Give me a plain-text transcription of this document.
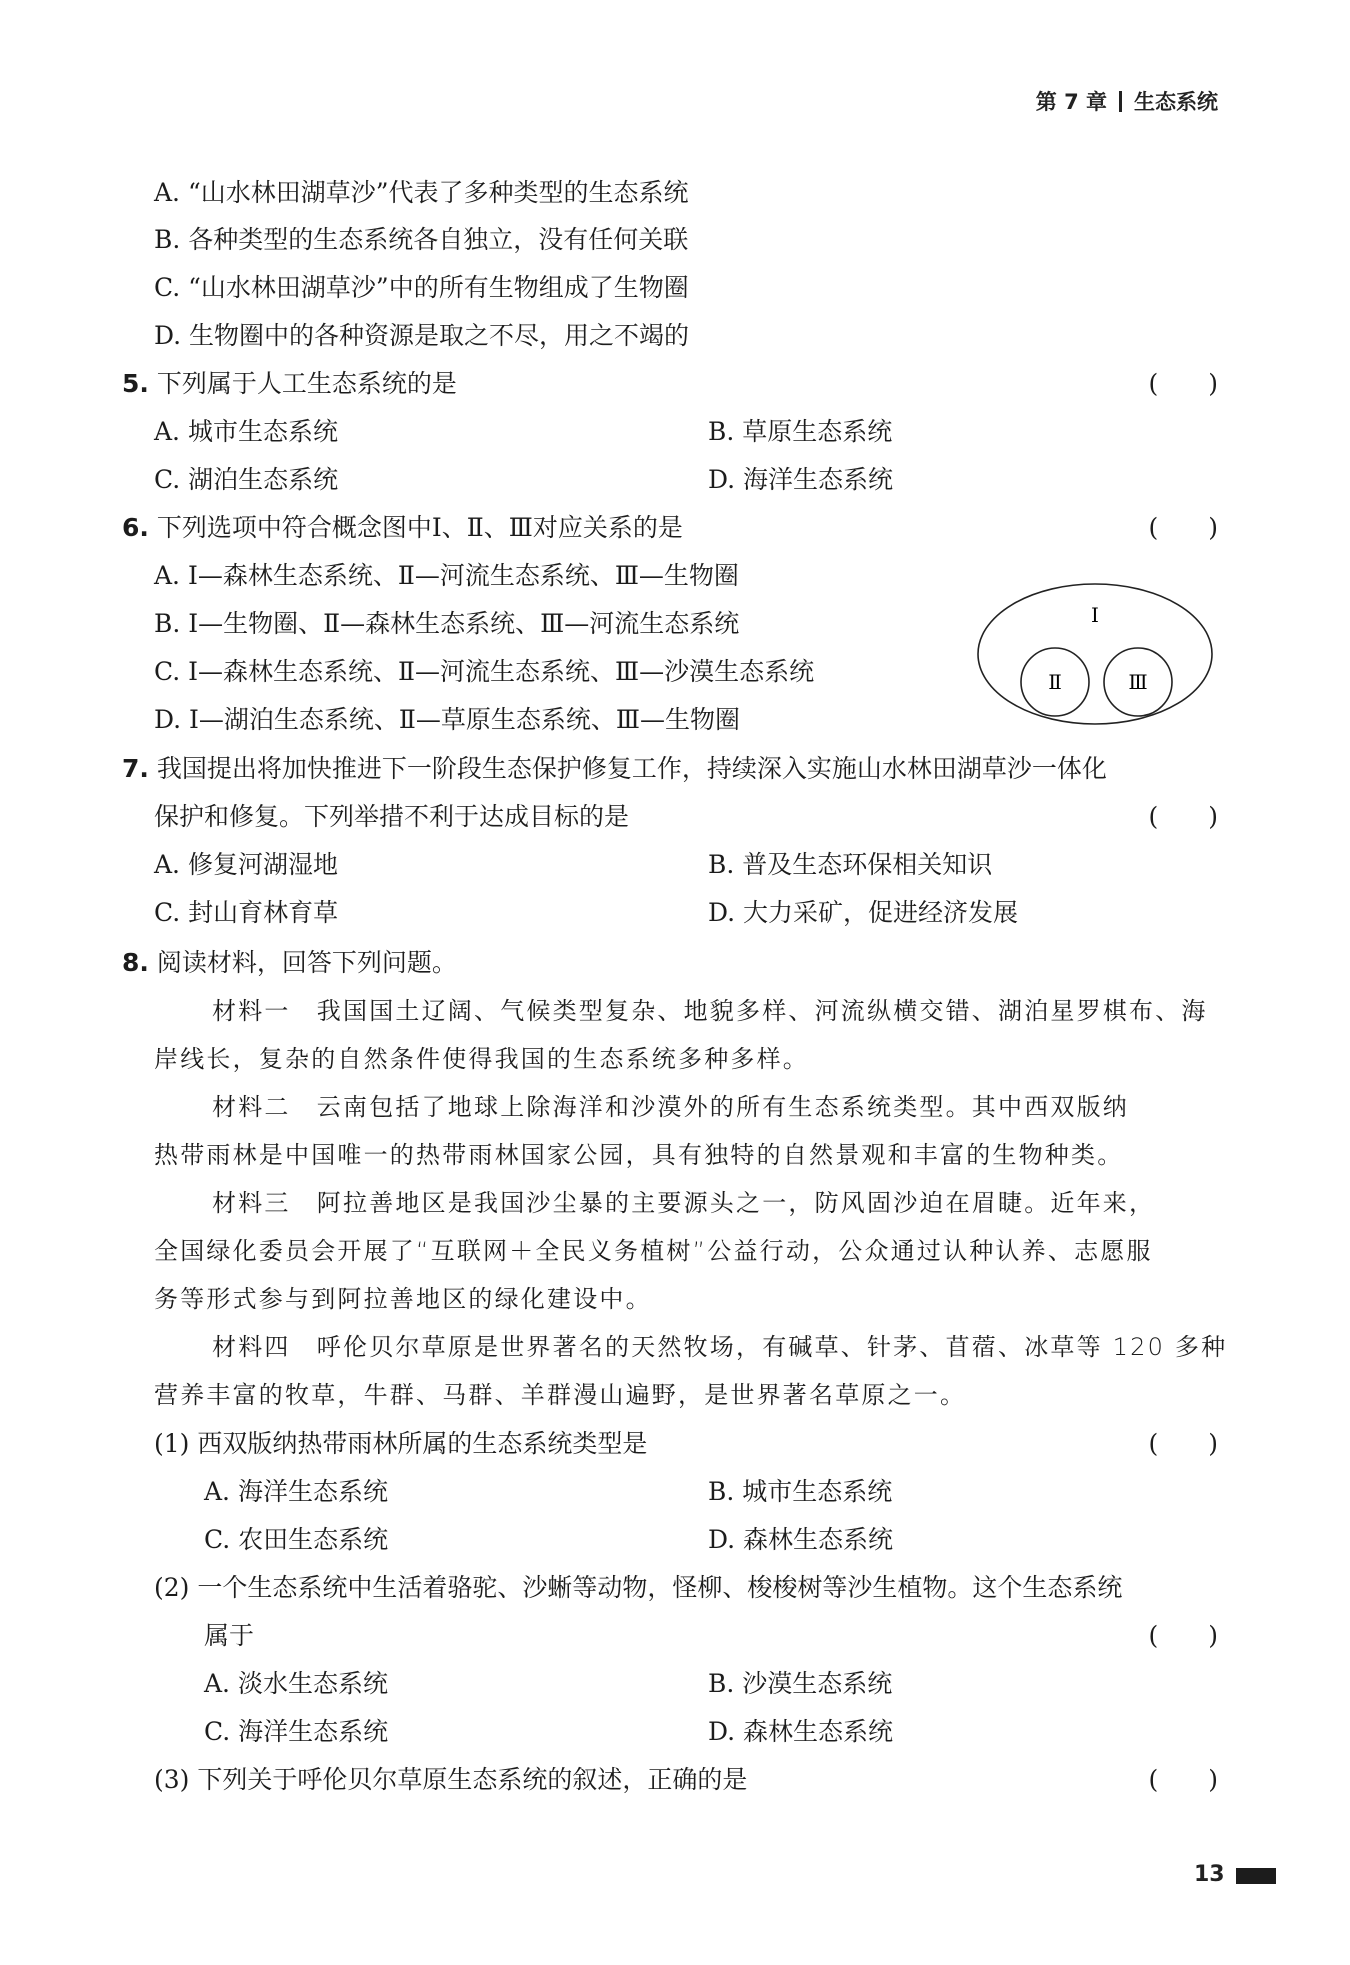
第 7 章 生态系统
A. “山水林田湖草沙”代表了多种类型的生态系统
B. 各种类型的生态系统各自独立，没有任何关联
C. “山水林田湖草沙”中的所有生物组成了生物圈
D. 生物圈中的各种资源是取之不尽，用之不竭的
5. 下列属于人工生态系统的是	(　　)
A. 城市生态系统	B. 草原生态系统
C. 湖泊生态系统	D. 海洋生态系统
6. 下列选项中符合概念图中Ⅰ、Ⅱ、Ⅲ对应关系的是	(　　)
A. Ⅰ—森林生态系统、Ⅱ—河流生态系统、Ⅲ—生物圈
B. Ⅰ—生物圈、Ⅱ—森林生态系统、Ⅲ—河流生态系统
C. Ⅰ—森林生态系统、Ⅱ—河流生态系统、Ⅲ—沙漠生态系统
D. Ⅰ—湖泊生态系统、Ⅱ—草原生态系统、Ⅲ—生物圈
Ⅰ
Ⅱ	Ⅲ
7. 我国提出将加快推进下一阶段生态保护修复工作，持续深入实施山水林田湖草沙一体化
保护和修复。下列举措不利于达成目标的是	(　　)
A. 修复河湖湿地	B. 普及生态环保相关知识
C. 封山育林育草	D. 大力采矿，促进经济发展
8. 阅读材料，回答下列问题。
材料一　我国国土辽阔、气候类型复杂、地貌多样、河流纵横交错、湖泊星罗棋布、海
岸线长，复杂的自然条件使得我国的生态系统多种多样。
材料二　云南包括了地球上除海洋和沙漠外的所有生态系统类型。其中西双版纳
热带雨林是中国唯一的热带雨林国家公园，具有独特的自然景观和丰富的生物种类。
材料三　阿拉善地区是我国沙尘暴的主要源头之一，防风固沙迫在眉睫。近年来，
全国绿化委员会开展了“互联网＋全民义务植树”公益行动，公众通过认种认养、志愿服
务等形式参与到阿拉善地区的绿化建设中。
材料四　呼伦贝尔草原是世界著名的天然牧场，有碱草、针茅、苜蓿、冰草等 120 多种
营养丰富的牧草，牛群、马群、羊群漫山遍野，是世界著名草原之一。
(1) 西双版纳热带雨林所属的生态系统类型是	(　　)
A. 海洋生态系统	B. 城市生态系统
C. 农田生态系统	D. 森林生态系统
(2) 一个生态系统中生活着骆驼、沙蜥等动物，怪柳、梭梭树等沙生植物。这个生态系统
属于	(　　)
A. 淡水生态系统	B. 沙漠生态系统
C. 海洋生态系统	D. 森林生态系统
(3) 下列关于呼伦贝尔草原生态系统的叙述，正确的是	(　　)
13
